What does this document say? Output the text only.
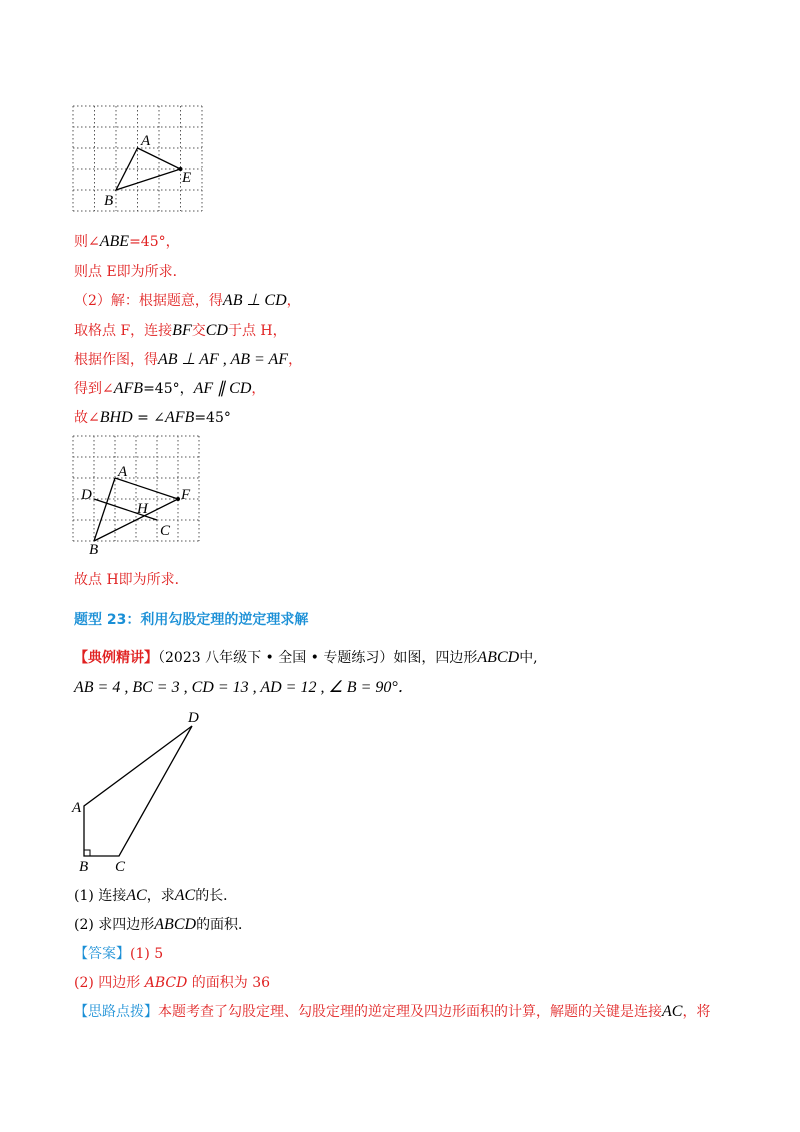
A
E
B
则∠ABE=45°，
则点 E即为所求．
（2）解：根据题意，得AB ⊥ CD，
取格点 F，连接BF交CD于点 H，
根据作图，得AB ⊥ AF , AB = AF，
得到∠AFB=45°，AF ∥ CD，
故∠BHD = ∠AFB=45°
A
D	F
H
C
B
故点 H即为所求．
题型 23：利用勾股定理的逆定理求解
【典例精讲】（2023 八年级下 • 全国 • 专题练习）如图，四边形ABCD中,
AB = 4 , BC = 3 , CD = 13 , AD = 12 , ∠ B = 90°．
D
A
B C
(1) 连接AC，求AC的长．
(2) 求四边形ABCD的面积．
【答案】(1) 5
(2) 四边形 ABCD 的面积为 36
【思路点拨】本题考查了勾股定理、勾股定理的逆定理及四边形面积的计算，解题的关键是连接AC，将
